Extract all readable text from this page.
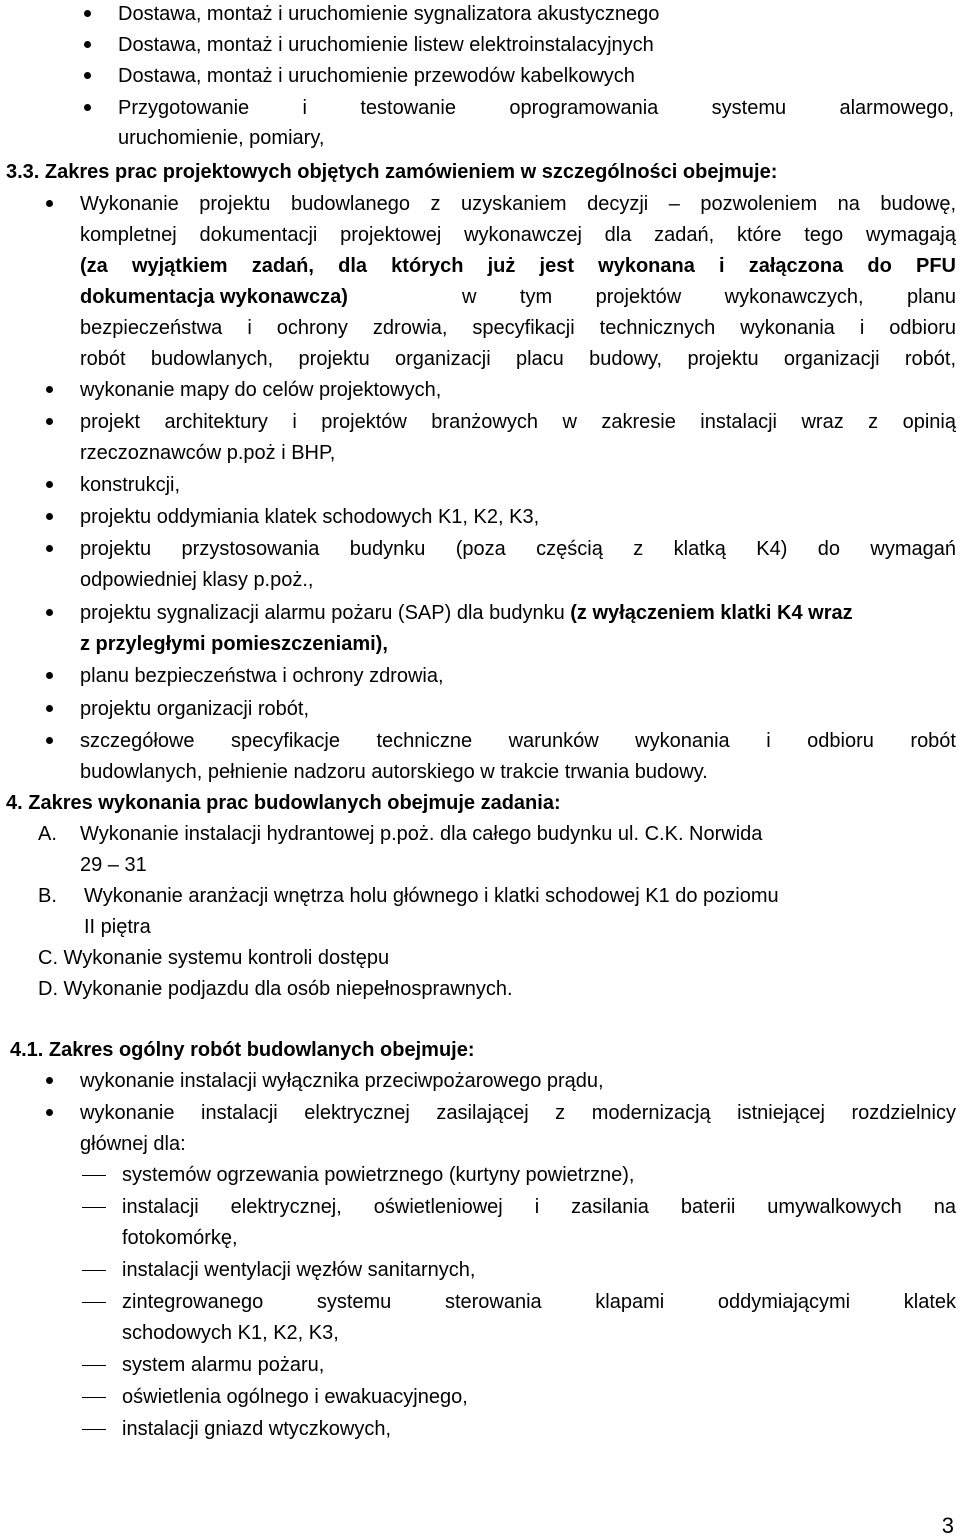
Dostawa, montaż i uruchomienie sygnalizatora akustycznego
Dostawa, montaż i uruchomienie listew elektroinstalacyjnych
Dostawa, montaż i uruchomienie przewodów kabelkowych
Przygotowanie i testowanie oprogramowania systemu alarmowego,
uruchomienie, pomiary,
3.3. Zakres prac projektowych objętych zamówieniem w szczególności obejmuje:
Wykonanie projektu budowlanego z uzyskaniem decyzji – pozwoleniem na budowę,
kompletnej dokumentacji projektowej wykonawczej dla zadań, które tego wymagają
(za wyjątkiem zadań, dla których już jest wykonana i załączona do PFU
dokumentacja wykonawcza)	w tym projektów wykonawczych, planu
bezpieczeństwa i ochrony zdrowia, specyfikacji technicznych wykonania i odbioru
robót budowlanych, projektu organizacji placu budowy, projektu organizacji robót,
wykonanie mapy do celów projektowych,
projekt architektury i projektów branżowych w zakresie instalacji wraz z opinią
rzeczoznawców p.poż i BHP,
konstrukcji,
projektu oddymiania klatek schodowych K1, K2, K3,
projektu przystosowania budynku (poza częścią z klatką K4) do wymagań
odpowiedniej klasy p.poż.,
projektu sygnalizacji alarmu pożaru (SAP) dla budynku (z wyłączeniem klatki K4 wraz
z przyległymi pomieszczeniami),
planu bezpieczeństwa i ochrony zdrowia,
projektu organizacji robót,
szczegółowe specyfikacje techniczne warunków wykonania i odbioru robót
budowlanych, pełnienie nadzoru autorskiego w trakcie trwania budowy.
4. Zakres wykonania prac budowlanych obejmuje zadania:
A. Wykonanie instalacji hydrantowej p.poż. dla całego budynku ul. C.K. Norwida
29 – 31
B. Wykonanie aranżacji wnętrza holu głównego i klatki schodowej K1 do poziomu
II piętra
C. Wykonanie systemu kontroli dostępu
D. Wykonanie podjazdu dla osób niepełnosprawnych.
4.1. Zakres ogólny robót budowlanych obejmuje:
wykonanie instalacji wyłącznika przeciwpożarowego prądu,
wykonanie instalacji elektrycznej zasilającej z modernizacją istniejącej rozdzielnicy
głównej dla:
systemów ogrzewania powietrznego (kurtyny powietrzne),
instalacji elektrycznej, oświetleniowej i zasilania baterii umywalkowych na
fotokomórkę,
instalacji wentylacji węzłów sanitarnych,
zintegrowanego systemu sterowania klapami oddymiającymi klatek
schodowych K1, K2, K3,
system alarmu pożaru,
oświetlenia ogólnego i ewakuacyjnego,
instalacji gniazd wtyczkowych,
3
